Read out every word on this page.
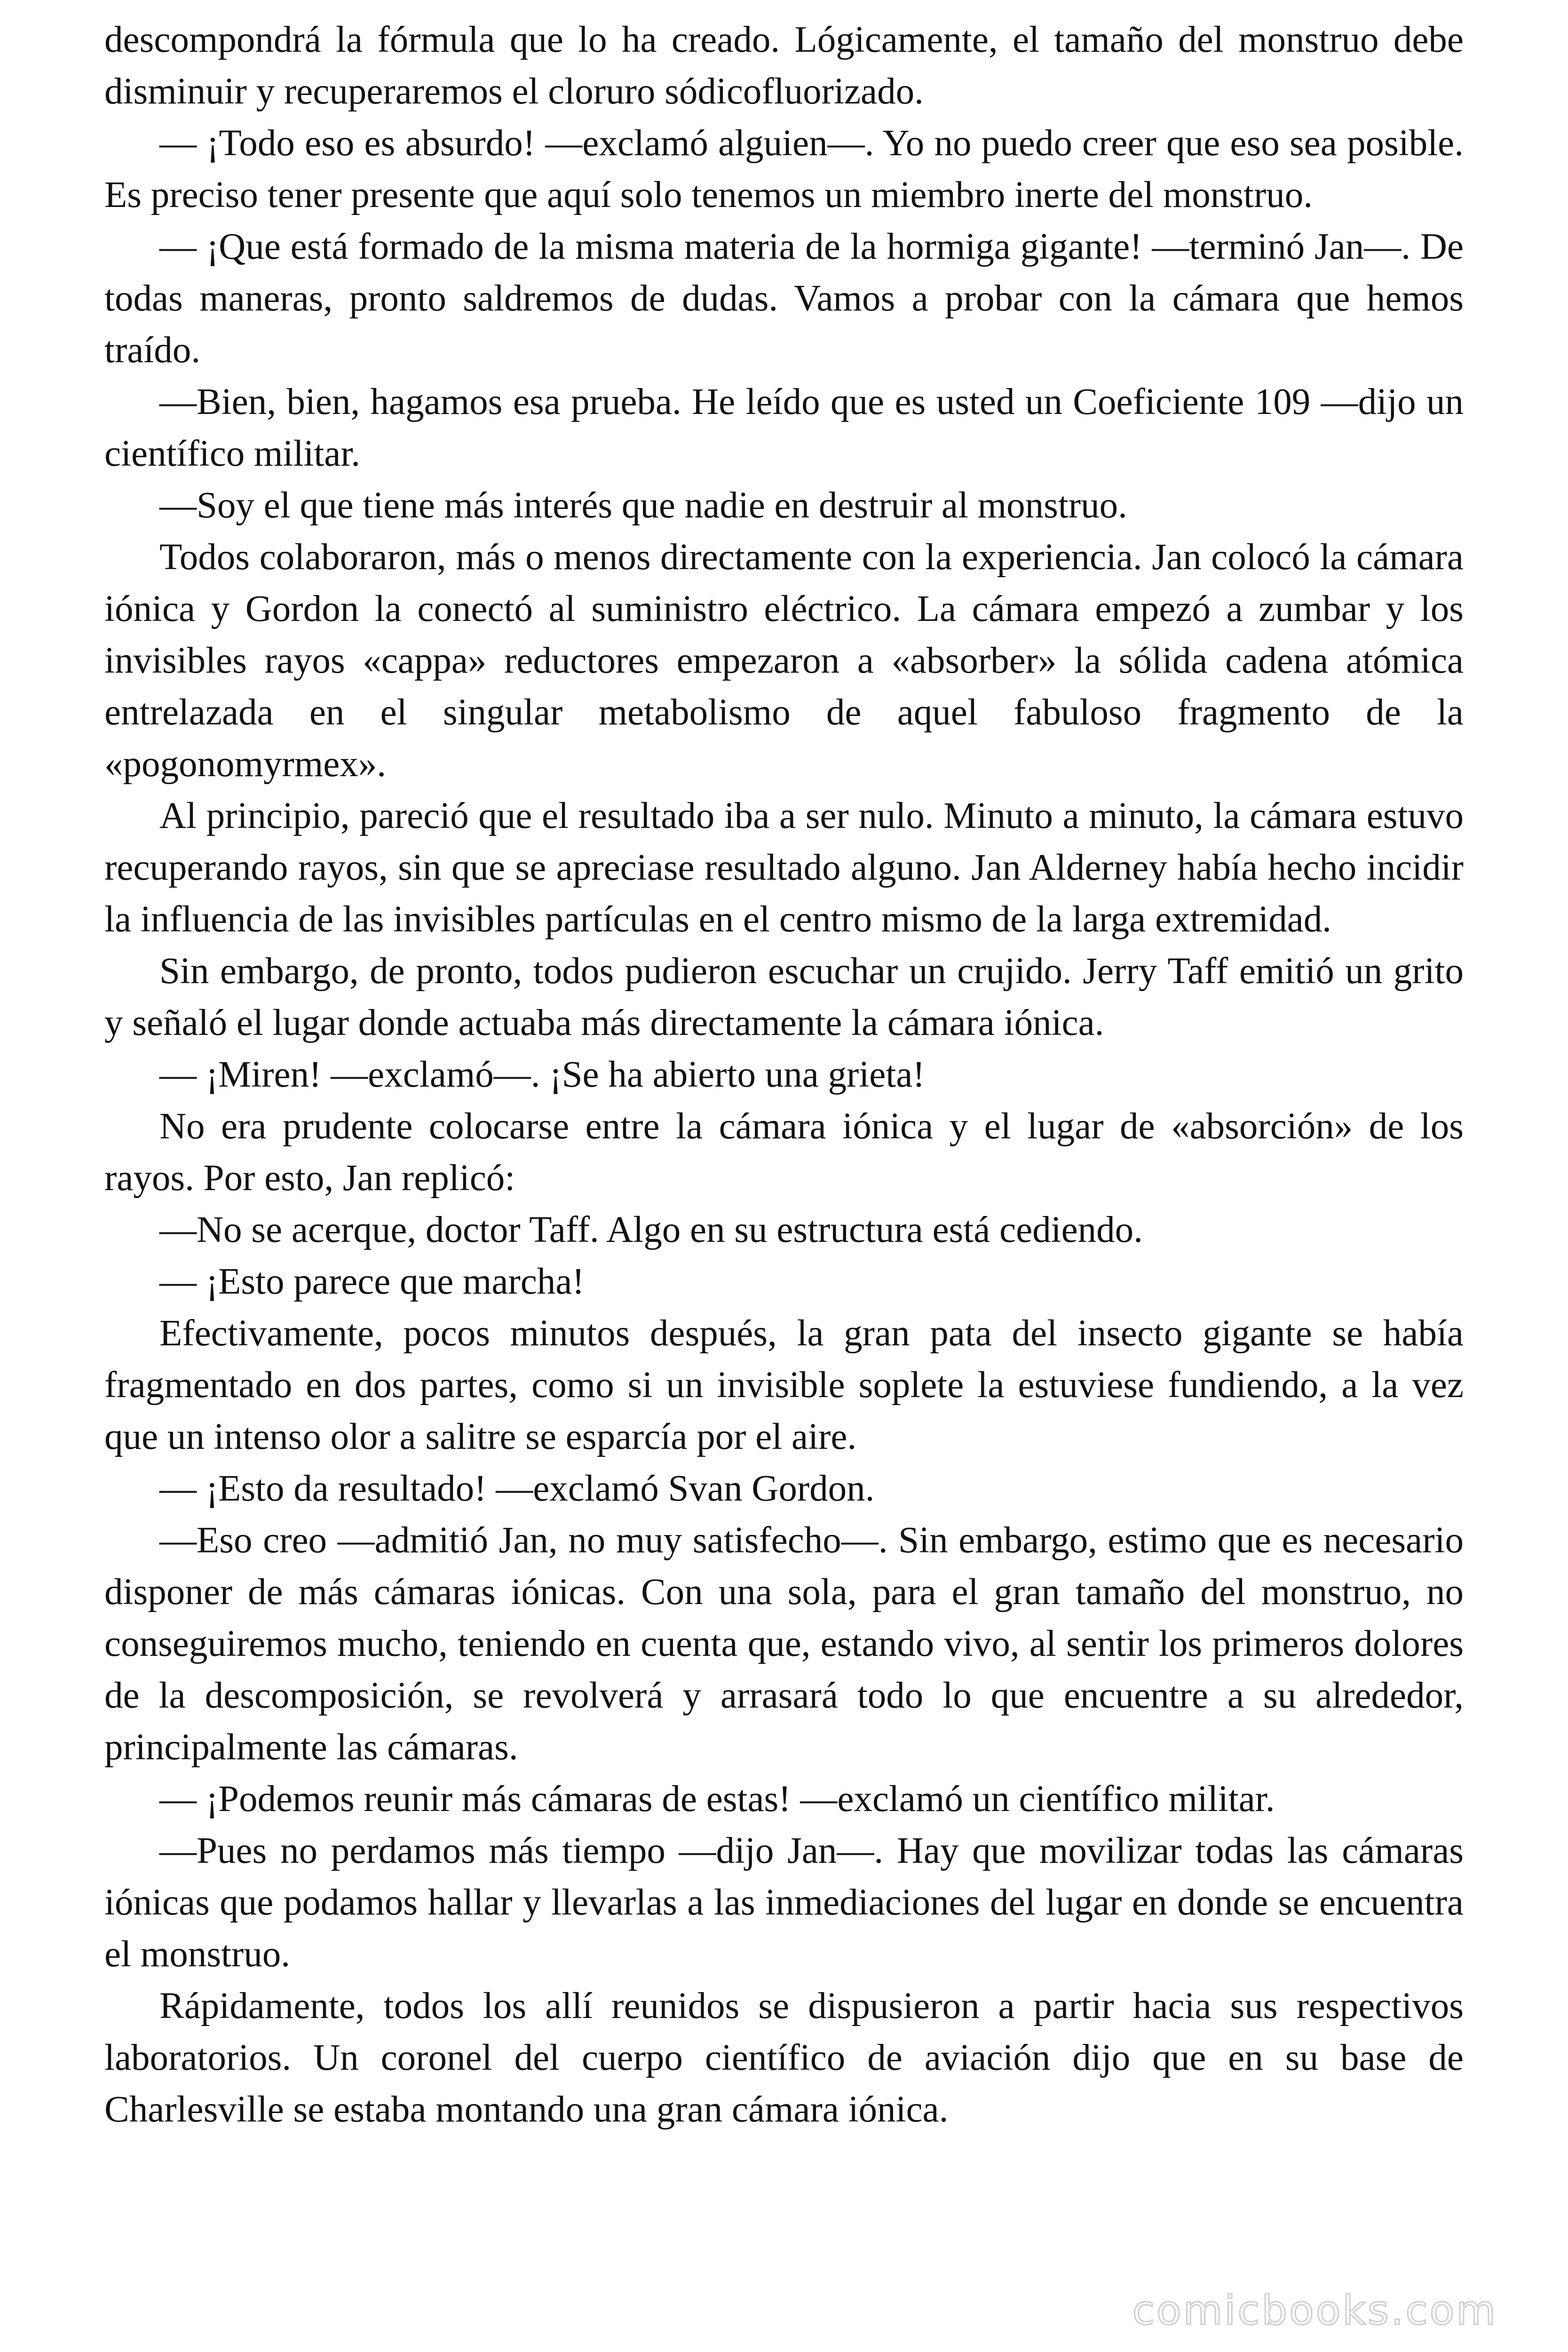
descompondrá la fórmula que lo ha creado. Lógicamente, el tamaño del monstruo debe disminuir y recuperaremos el cloruro sódicofluorizado.

— ¡Todo eso es absurdo! —exclamó alguien—. Yo no puedo creer que eso sea posible. Es preciso tener presente que aquí solo tenemos un miembro inerte del monstruo.

— ¡Que está formado de la misma materia de la hormiga gigante! —terminó Jan—. De todas maneras, pronto saldremos de dudas. Vamos a probar con la cámara que hemos traído.

—Bien, bien, hagamos esa prueba. He leído que es usted un Coeficiente 109 —dijo un científico militar.

—Soy el que tiene más interés que nadie en destruir al monstruo.

Todos colaboraron, más o menos directamente con la experiencia. Jan colocó la cámara iónica y Gordon la conectó al suministro eléctrico. La cámara empezó a zumbar y los invisibles rayos «cappa» reductores empezaron a «absorber» la sólida cadena atómica entrelazada en el singular metabolismo de aquel fabuloso fragmento de la «pogonomyrmex».

Al principio, pareció que el resultado iba a ser nulo. Minuto a minuto, la cámara estuvo recuperando rayos, sin que se apreciase resultado alguno. Jan Alderney había hecho incidir la influencia de las invisibles partículas en el centro mismo de la larga extremidad.

Sin embargo, de pronto, todos pudieron escuchar un crujido. Jerry Taff emitió un grito y señaló el lugar donde actuaba más directamente la cámara iónica.

— ¡Miren! —exclamó—. ¡Se ha abierto una grieta!

No era prudente colocarse entre la cámara iónica y el lugar de «absorción» de los rayos. Por esto, Jan replicó:

—No se acerque, doctor Taff. Algo en su estructura está cediendo.

— ¡Esto parece que marcha!

Efectivamente, pocos minutos después, la gran pata del insecto gigante se había fragmentado en dos partes, como si un invisible soplete la estuviese fundiendo, a la vez que un intenso olor a salitre se esparcía por el aire.

— ¡Esto da resultado! —exclamó Svan Gordon.

—Eso creo —admitió Jan, no muy satisfecho—. Sin embargo, estimo que es necesario disponer de más cámaras iónicas. Con una sola, para el gran tamaño del monstruo, no conseguiremos mucho, teniendo en cuenta que, estando vivo, al sentir los primeros dolores de la descomposición, se revolverá y arrasará todo lo que encuentre a su alrededor, principalmente las cámaras.

— ¡Podemos reunir más cámaras de estas! —exclamó un científico militar.

—Pues no perdamos más tiempo —dijo Jan—. Hay que movilizar todas las cámaras iónicas que podamos hallar y llevarlas a las inmediaciones del lugar en donde se encuentra el monstruo.

Rápidamente, todos los allí reunidos se dispusieron a partir hacia sus respectivos laboratorios. Un coronel del cuerpo científico de aviación dijo que en su base de Charlesville se estaba montando una gran cámara iónica.

comicbooks.com
